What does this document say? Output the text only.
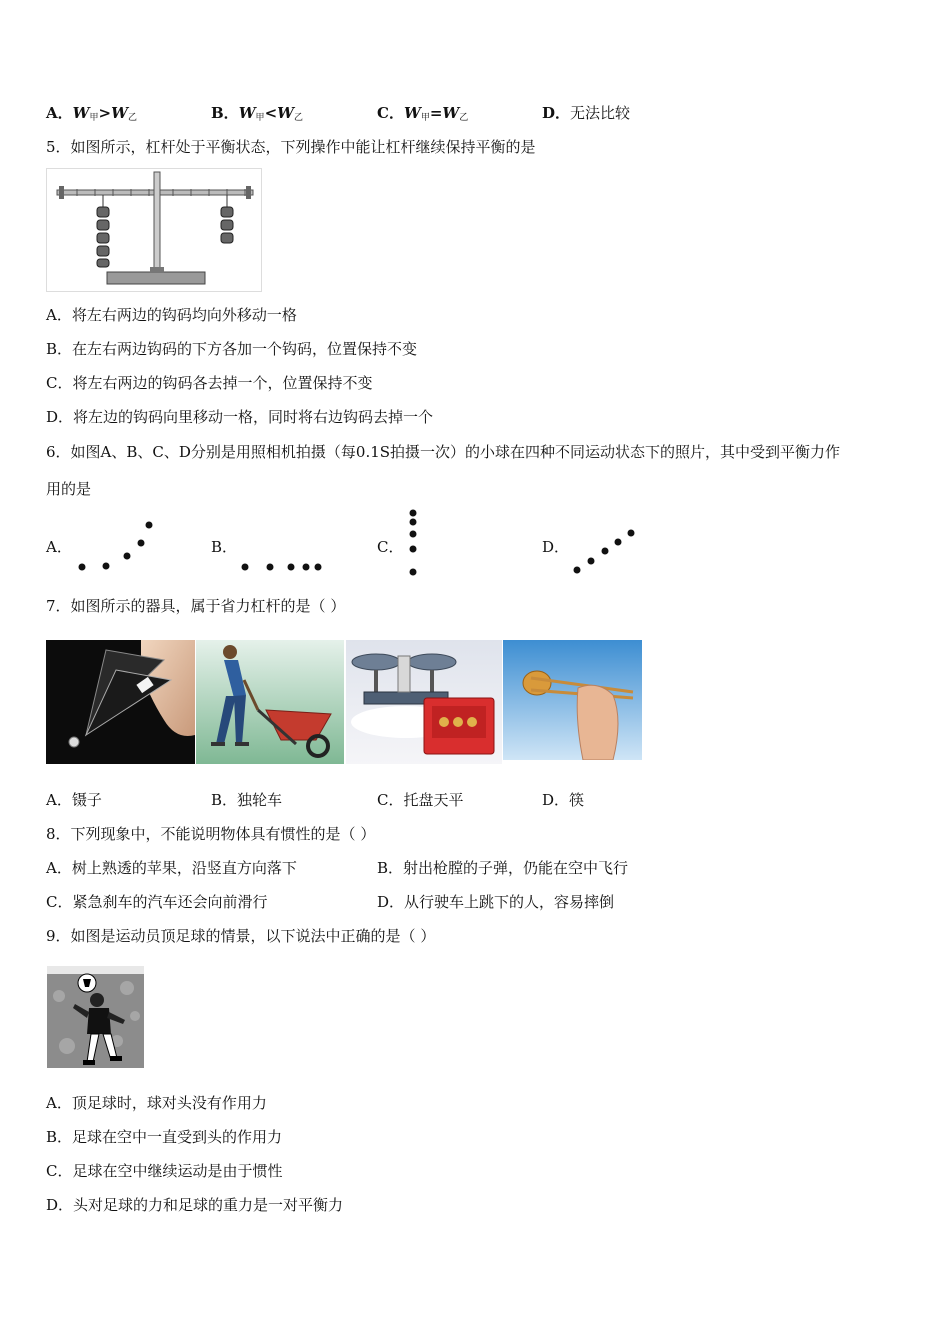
A．$W_甲>W_乙$	B．$W_甲<W_乙$	C．$W_甲=W_乙$	D．无法比较
5．如图所示，杠杆处于平衡状态，下列操作中能让杠杆继续保持平衡的是
A．将左右两边的钩码均向外移动一格
B．在左右两边钩码的下方各加一个钩码，位置保持不变
C．将左右两边的钩码各去掉一个，位置保持不变
D．将左边的钩码向里移动一格，同时将右边钩码去掉一个
6．如图A、B、C、D分别是用照相机拍摄（每0.1S拍摄一次）的小球在四种不同运动状态下的照片，其中受到平衡力作
用的是
A．	B．	C．	D．
7．如图所示的器具，属于省力杠杆的是（ ）
A．镊子	B．独轮车	C．托盘天平	D．筷
8．下列现象中，不能说明物体具有惯性的是（ ）
A．树上熟透的苹果，沿竖直方向落下	B．射出枪膛的子弹，仍能在空中飞行
C．紧急刹车的汽车还会向前滑行	D．从行驶车上跳下的人，容易摔倒
9．如图是运动员顶足球的情景，以下说法中正确的是（ ）
A．顶足球时，球对头没有作用力
B．足球在空中一直受到头的作用力
C．足球在空中继续运动是由于惯性
D．头对足球的力和足球的重力是一对平衡力
